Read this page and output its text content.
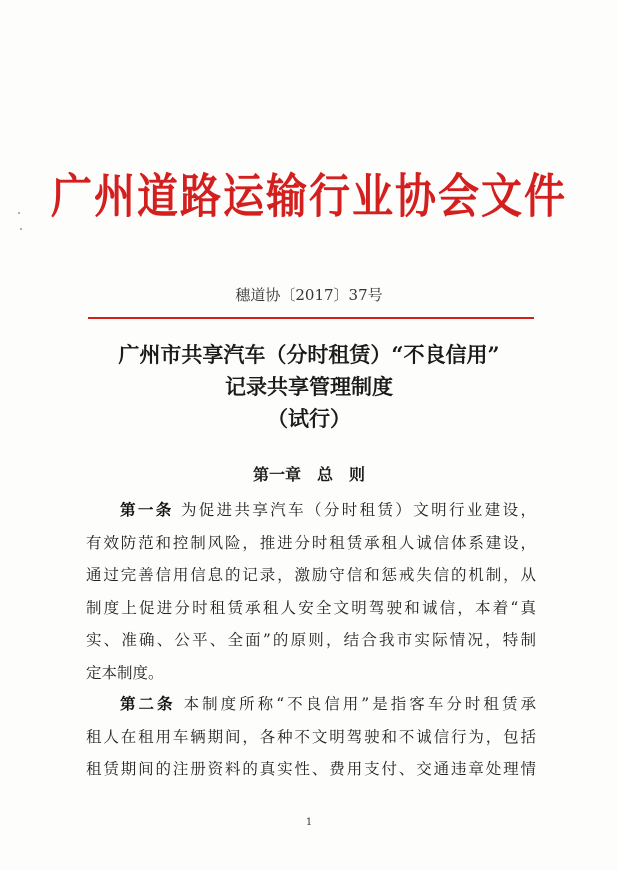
广州道路运输行业协会文件
穗道协〔2017〕37号
广州市共享汽车（分时租赁）“不良信用”
记录共享管理制度
（试行）
第一章　总　则
第一条 为促进共享汽车（分时租赁）文明行业建设，
有效防范和控制风险，推进分时租赁承租人诚信体系建设，
通过完善信用信息的记录，激励守信和惩戒失信的机制，从
制度上促进分时租赁承租人安全文明驾驶和诚信，本着“真
实、准确、公平、全面”的原则，结合我市实际情况，特制
定本制度。
第二条 本制度所称“不良信用”是指客车分时租赁承
租人在租用车辆期间，各种不文明驾驶和不诚信行为，包括
租赁期间的注册资料的真实性、费用支付、交通违章处理情
1
